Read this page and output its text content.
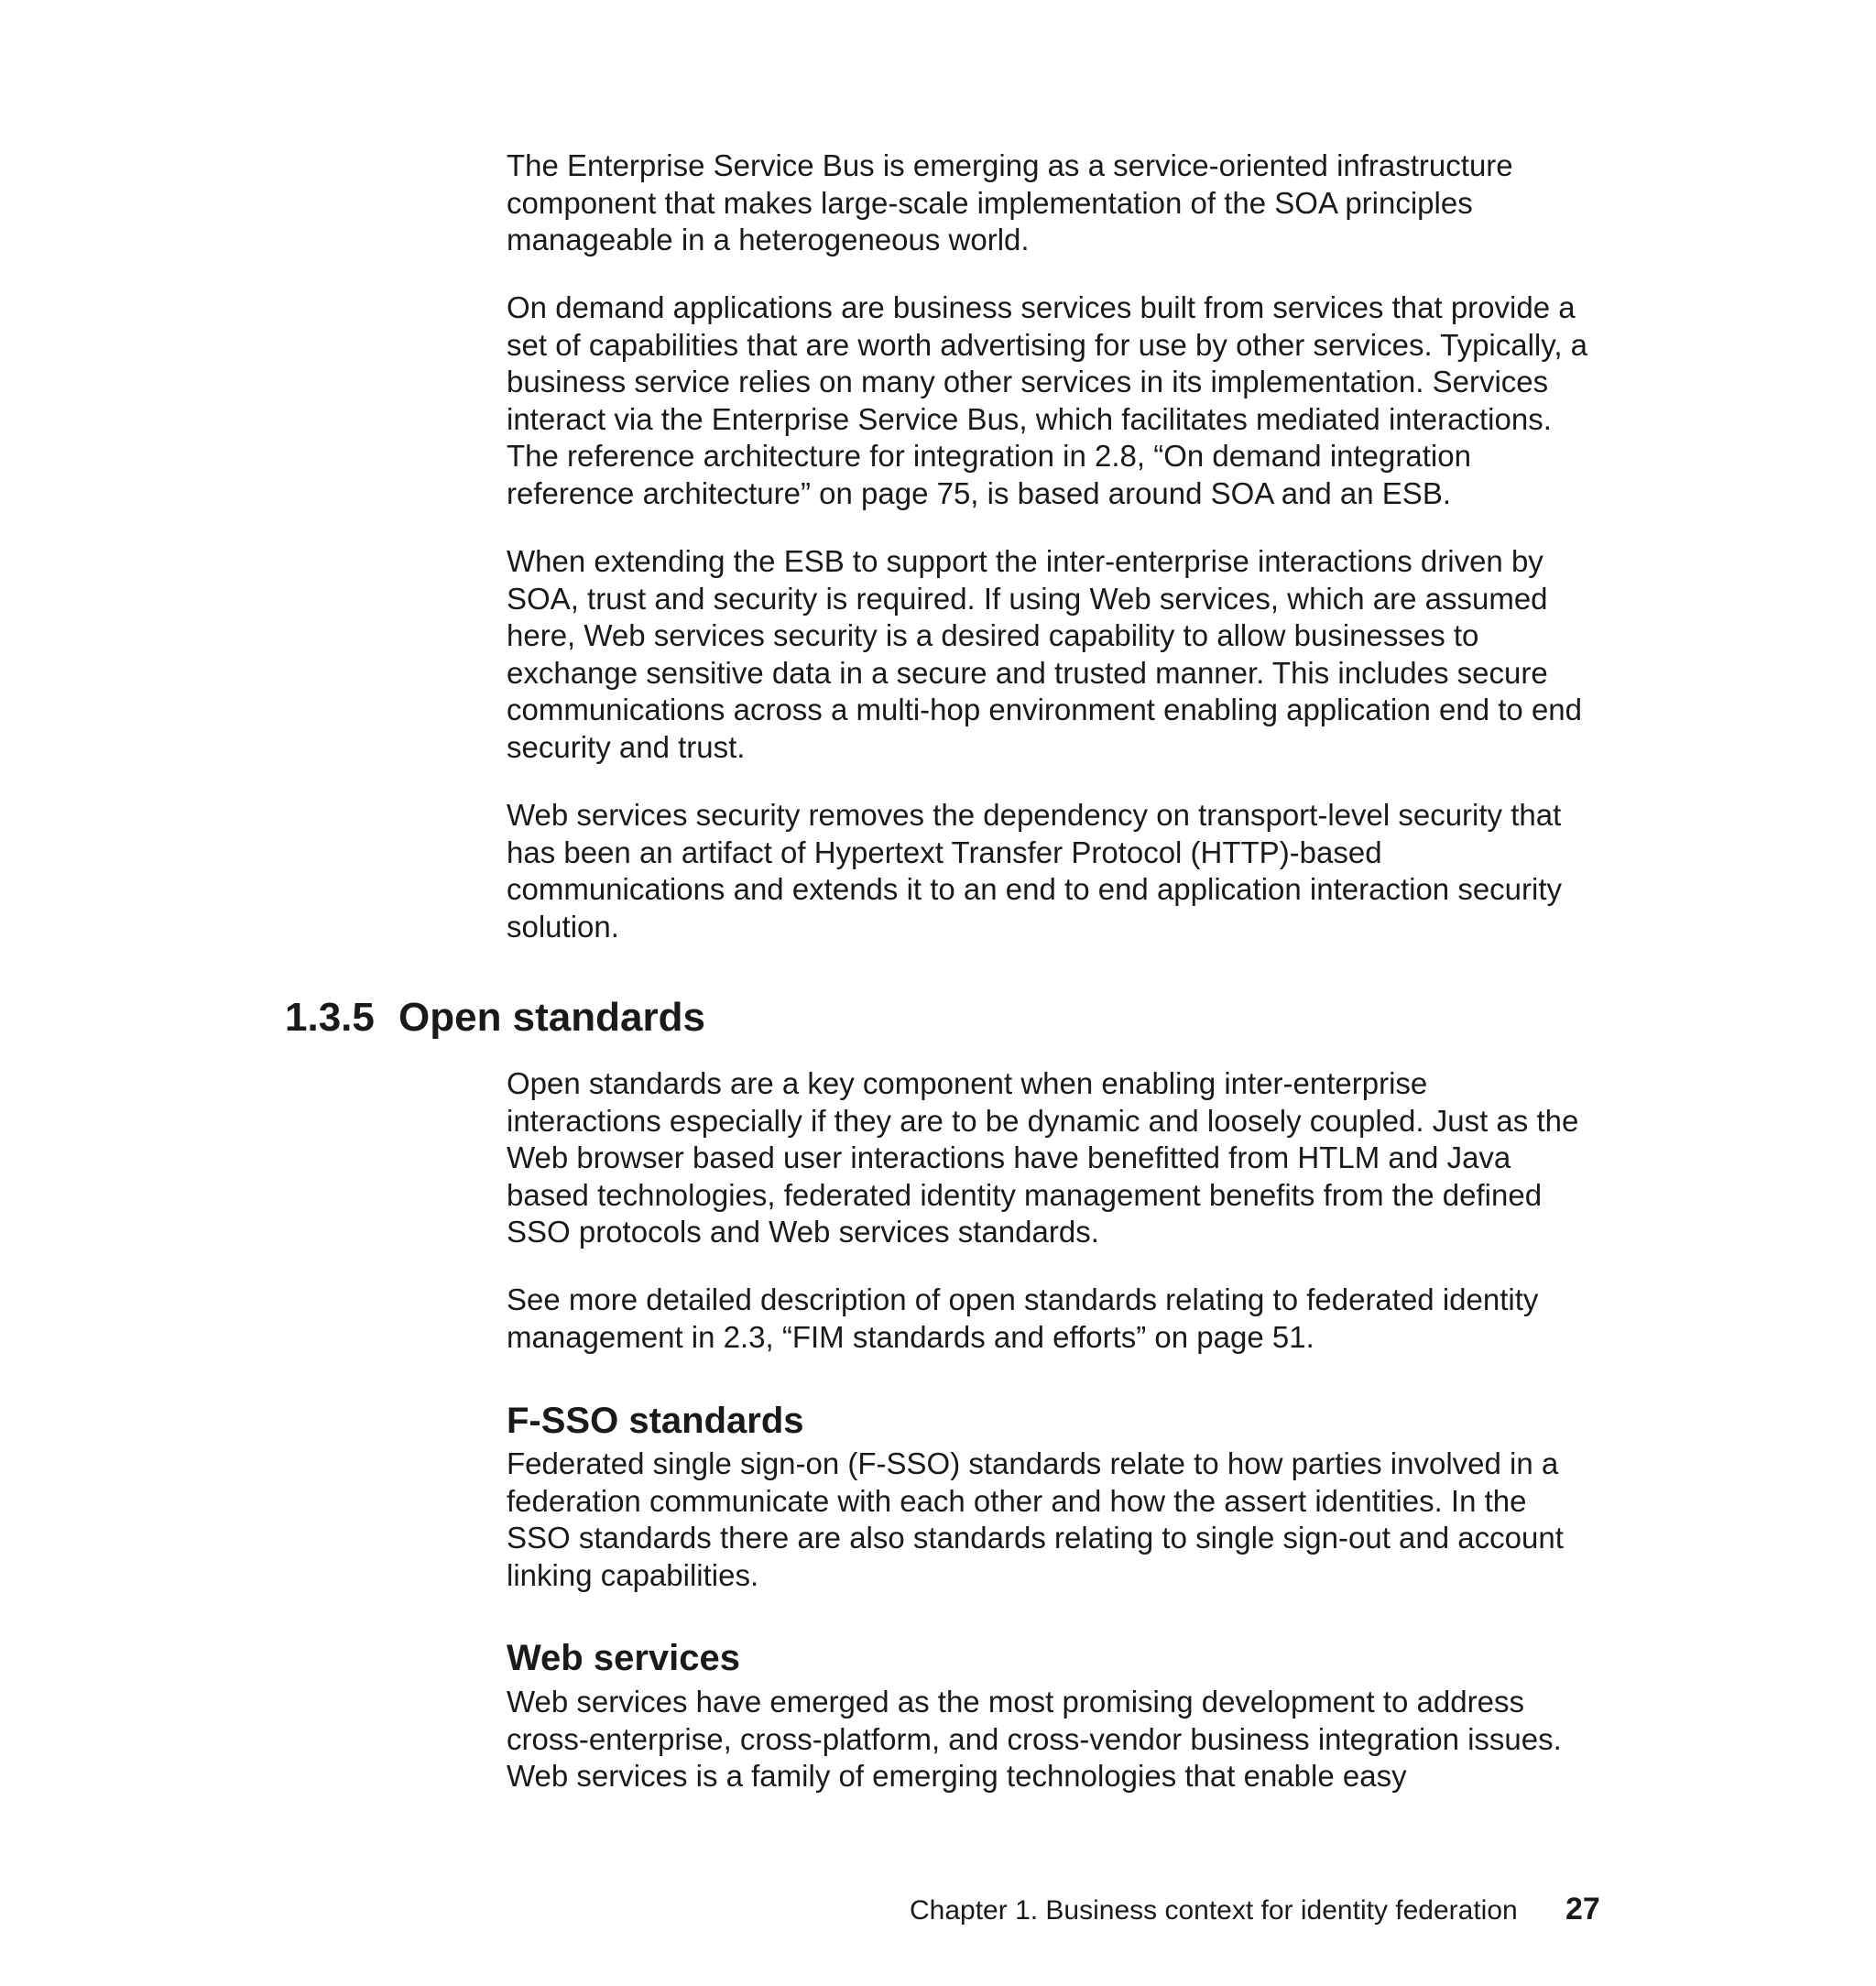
The Enterprise Service Bus is emerging as a service-oriented infrastructure
component that makes large-scale implementation of the SOA principles
manageable in a heterogeneous world.

On demand applications are business services built from services that provide a
set of capabilities that are worth advertising for use by other services. Typically, a
business service relies on many other services in its implementation. Services
interact via the Enterprise Service Bus, which facilitates mediated interactions.
The reference architecture for integration in 2.8, “On demand integration
reference architecture” on page 75, is based around SOA and an ESB.

When extending the ESB to support the inter-enterprise interactions driven by
SOA, trust and security is required. If using Web services, which are assumed
here, Web services security is a desired capability to allow businesses to
exchange sensitive data in a secure and trusted manner. This includes secure
communications across a multi-hop environment enabling application end to end
security and trust.

Web services security removes the dependency on transport-level security that
has been an artifact of Hypertext Transfer Protocol (HTTP)-based
communications and extends it to an end to end application interaction security
solution.

1.3.5 Open standards

Open standards are a key component when enabling inter-enterprise
interactions especially if they are to be dynamic and loosely coupled. Just as the
Web browser based user interactions have benefitted from HTLM and Java
based technologies, federated identity management benefits from the defined
SSO protocols and Web services standards.

See more detailed description of open standards relating to federated identity
management in 2.3, “FIM standards and efforts” on page 51.

F-SSO standards

Federated single sign-on (F-SSO) standards relate to how parties involved in a
federation communicate with each other and how the assert identities. In the
SSO standards there are also standards relating to single sign-out and account
linking capabilities.

Web services

Web services have emerged as the most promising development to address
cross-enterprise, cross-platform, and cross-vendor business integration issues.
Web services is a family of emerging technologies that enable easy

Chapter 1. Business context for identity federation 27
